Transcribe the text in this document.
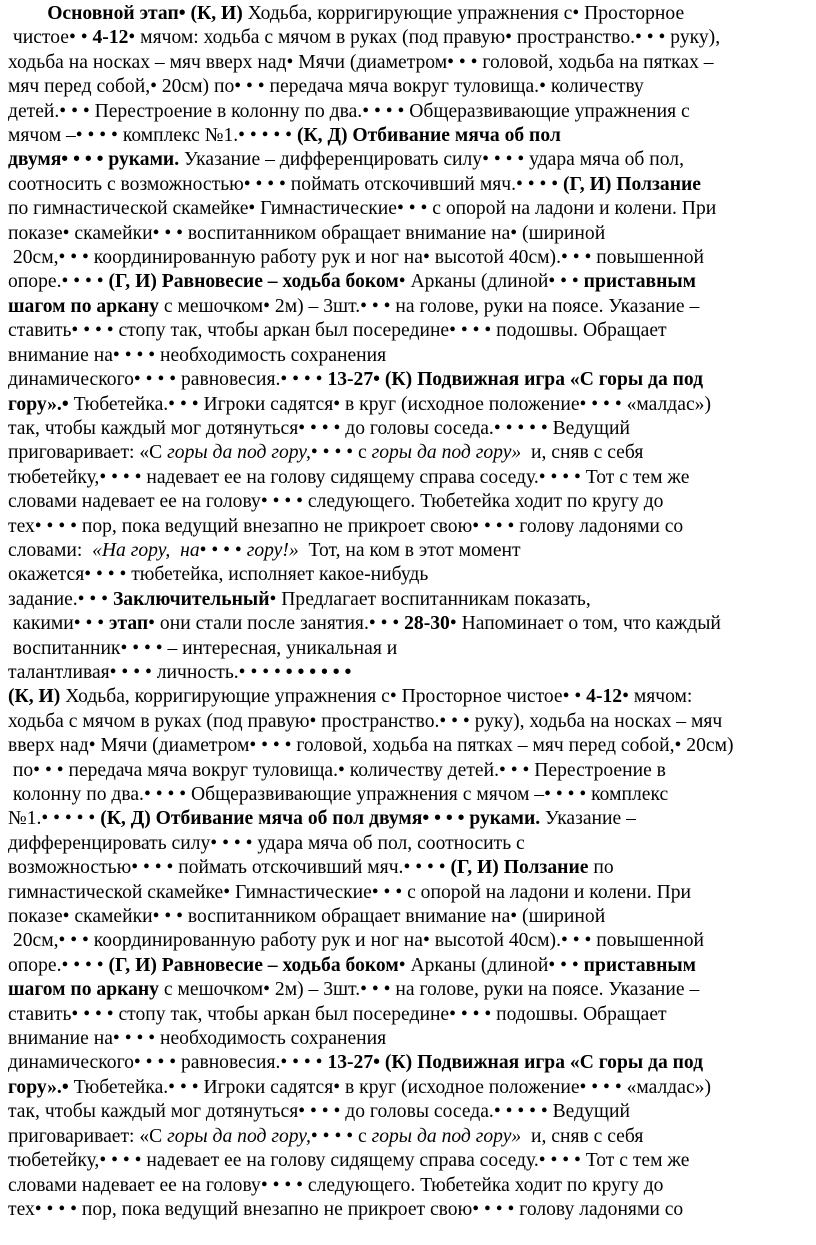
Основной этап• (К, И) Ходьба, корригирующие упражнения с• Просторное
чистое• • 4-12• мячом: ходьба с мячом в руках (под правую• пространство.• • • руку),
ходьба на носках – мяч вверх над• Мячи (диаметром• • • головой, ходьба на пятках –
мяч перед собой,• 20см) по• • • передача мяча вокруг туловища.• количеству
детей.• • • Перестроение в колонну по два.• • • • Общеразвивающие упражнения с
мячом –• • • • комплекс №1.• • • • • (К, Д) Отбивание мяча об пол
двумя• • • • руками. Указание – дифференцировать силу• • • • удара мяча об пол,
соотносить с возможностью• • • • поймать отскочивший мяч.• • • • (Г, И) Ползание
по гимнастической скамейке• Гимнастические• • • с опорой на ладони и колени. При
показе• скамейки• • • воспитанником обращает внимание на• (шириной
20см,• • • координированную работу рук и ног на• высотой 40см).• • • повышенной
опоре.• • • • (Г, И) Равновесие – ходьба боком• Арканы (длиной• • • приставным
шагом по аркану с мешочком• 2м) – 3шт.• • • на голове, руки на поясе. Указание –
ставить• • • • стопу так, чтобы аркан был посередине• • • • подошвы. Обращает
внимание на• • • • необходимость сохранения
динамического• • • • равновесия.• • • • 13-27• (К) Подвижная игра «С горы да под
гору».• Тюбетейка.• • • Игроки садятся• в круг (исходное положение• • • • «малдас»)
так, чтобы каждый мог дотянуться• • • • до головы соседа.• • • • • Ведущий
приговаривает: «С горы да под гору,• • • • с горы да под гору»  и, сняв с себя
тюбетейку,• • • • надевает ее на голову сидящему справа соседу.• • • • Тот с тем же
словами надевает ее на голову• • • • следующего. Тюбетейка ходит по кругу до
тех• • • • пор, пока ведущий внезапно не прикроет свою• • • • голову ладонями со
словами:  «На гору,  на• • • • гору!»  Тот, на ком в этот момент
окажется• • • • тюбетейка, исполняет какое-нибудь
задание.• • • Заключительный• Предлагает воспитанникам показать,
какими• • • этап• они стали после занятия.• • • 28-30• Напоминает о том, что каждый
воспитанник• • • • – интересная, уникальная и
талантливая• • • • личность.• • • • • • • • • •
(К, И) Ходьба, корригирующие упражнения с• Просторное чистое• • 4-12• мячом:
ходьба с мячом в руках (под правую• пространство.• • • руку), ходьба на носках – мяч
вверх над• Мячи (диаметром• • • • головой, ходьба на пятках – мяч перед собой,• 20см)
по• • • передача мяча вокруг туловища.• количеству детей.• • • Перестроение в
колонну по два.• • • • Общеразвивающие упражнения с мячом –• • • • комплекс
№1.• • • • • (К, Д) Отбивание мяча об пол двумя• • • • руками. Указание –
дифференцировать силу• • • • удара мяча об пол, соотносить с
возможностью• • • • поймать отскочивший мяч.• • • • (Г, И) Ползание по
гимнастической скамейке• Гимнастические• • • с опорой на ладони и колени. При
показе• скамейки• • • воспитанником обращает внимание на• (шириной
20см,• • • координированную работу рук и ног на• высотой 40см).• • • повышенной
опоре.• • • • (Г, И) Равновесие – ходьба боком• Арканы (длиной• • • приставным
шагом по аркану с мешочком• 2м) – 3шт.• • • на голове, руки на поясе. Указание –
ставить• • • • стопу так, чтобы аркан был посередине• • • • подошвы. Обращает
внимание на• • • • необходимость сохранения
динамического• • • • равновесия.• • • • 13-27• (К) Подвижная игра «С горы да под
гору».• Тюбетейка.• • • Игроки садятся• в круг (исходное положение• • • • «малдас»)
так, чтобы каждый мог дотянуться• • • • до головы соседа.• • • • • Ведущий
приговаривает: «С горы да под гору,• • • • с горы да под гору»  и, сняв с себя
тюбетейку,• • • • надевает ее на голову сидящему справа соседу.• • • • Тот с тем же
словами надевает ее на голову• • • • следующего. Тюбетейка ходит по кругу до
тех• • • • пор, пока ведущий внезапно не прикроет свою• • • • голову ладонями со
